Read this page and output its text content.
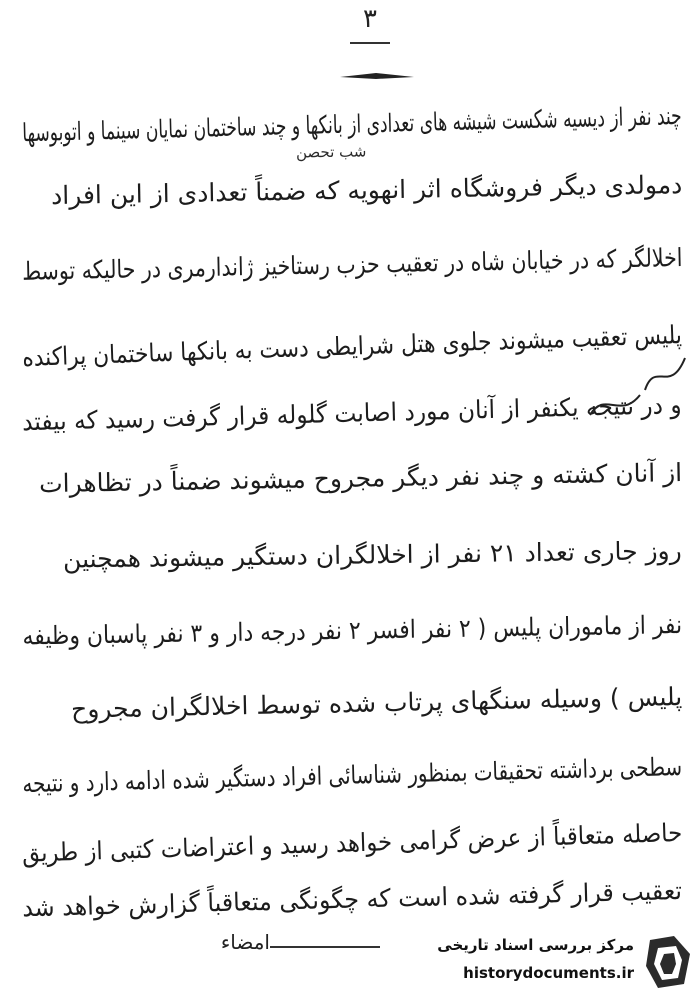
۳
چند نفر از دیسیه شکست شیشه های تعدادی از بانکها و چند ساختمان نمایان سینما و اتوبوسها
شب تحصن
دمولدی دیگر فروشگاه اثر انهویه که ضمناً تعدادی از این افراد
اخلالگر که در خیابان شاه در تعقیب حزب رستاخیز ژاندارمری در حالیکه توسط
پلیس تعقیب میشوند جلوی هتل شرایطی دست به بانکها ساختمان پراکنده
و در نتیجه یکنفر از آنان مورد اصابت گلوله قرار گرفت رسید که بیفتد
از آنان کشته و چند نفر دیگر مجروح میشوند ضمناً در تظاهرات
روز جاری تعداد ۲۱ نفر از اخلالگران دستگیر میشوند همچنین
نفر از ماموران پلیس ( ۲ نفر افسر ۲ نفر درجه دار و ۳ نفر پاسبان وظیفه
پلیس ) وسیله سنگهای پرتاب شده توسط اخلالگران مجروح
سطحی برداشته تحقیقات بمنظور شناسائی افراد دستگیر شده ادامه دارد و نتیجه
حاصله متعاقباً از عرض گرامی خواهد رسید و اعتراضات کتبی از طریق
تعقیب قرار گرفته شده است که چگونگی متعاقباً گزارش خواهد شد
امضاء	مرکز بررسی اسناد تاریخی
historydocuments.ir
